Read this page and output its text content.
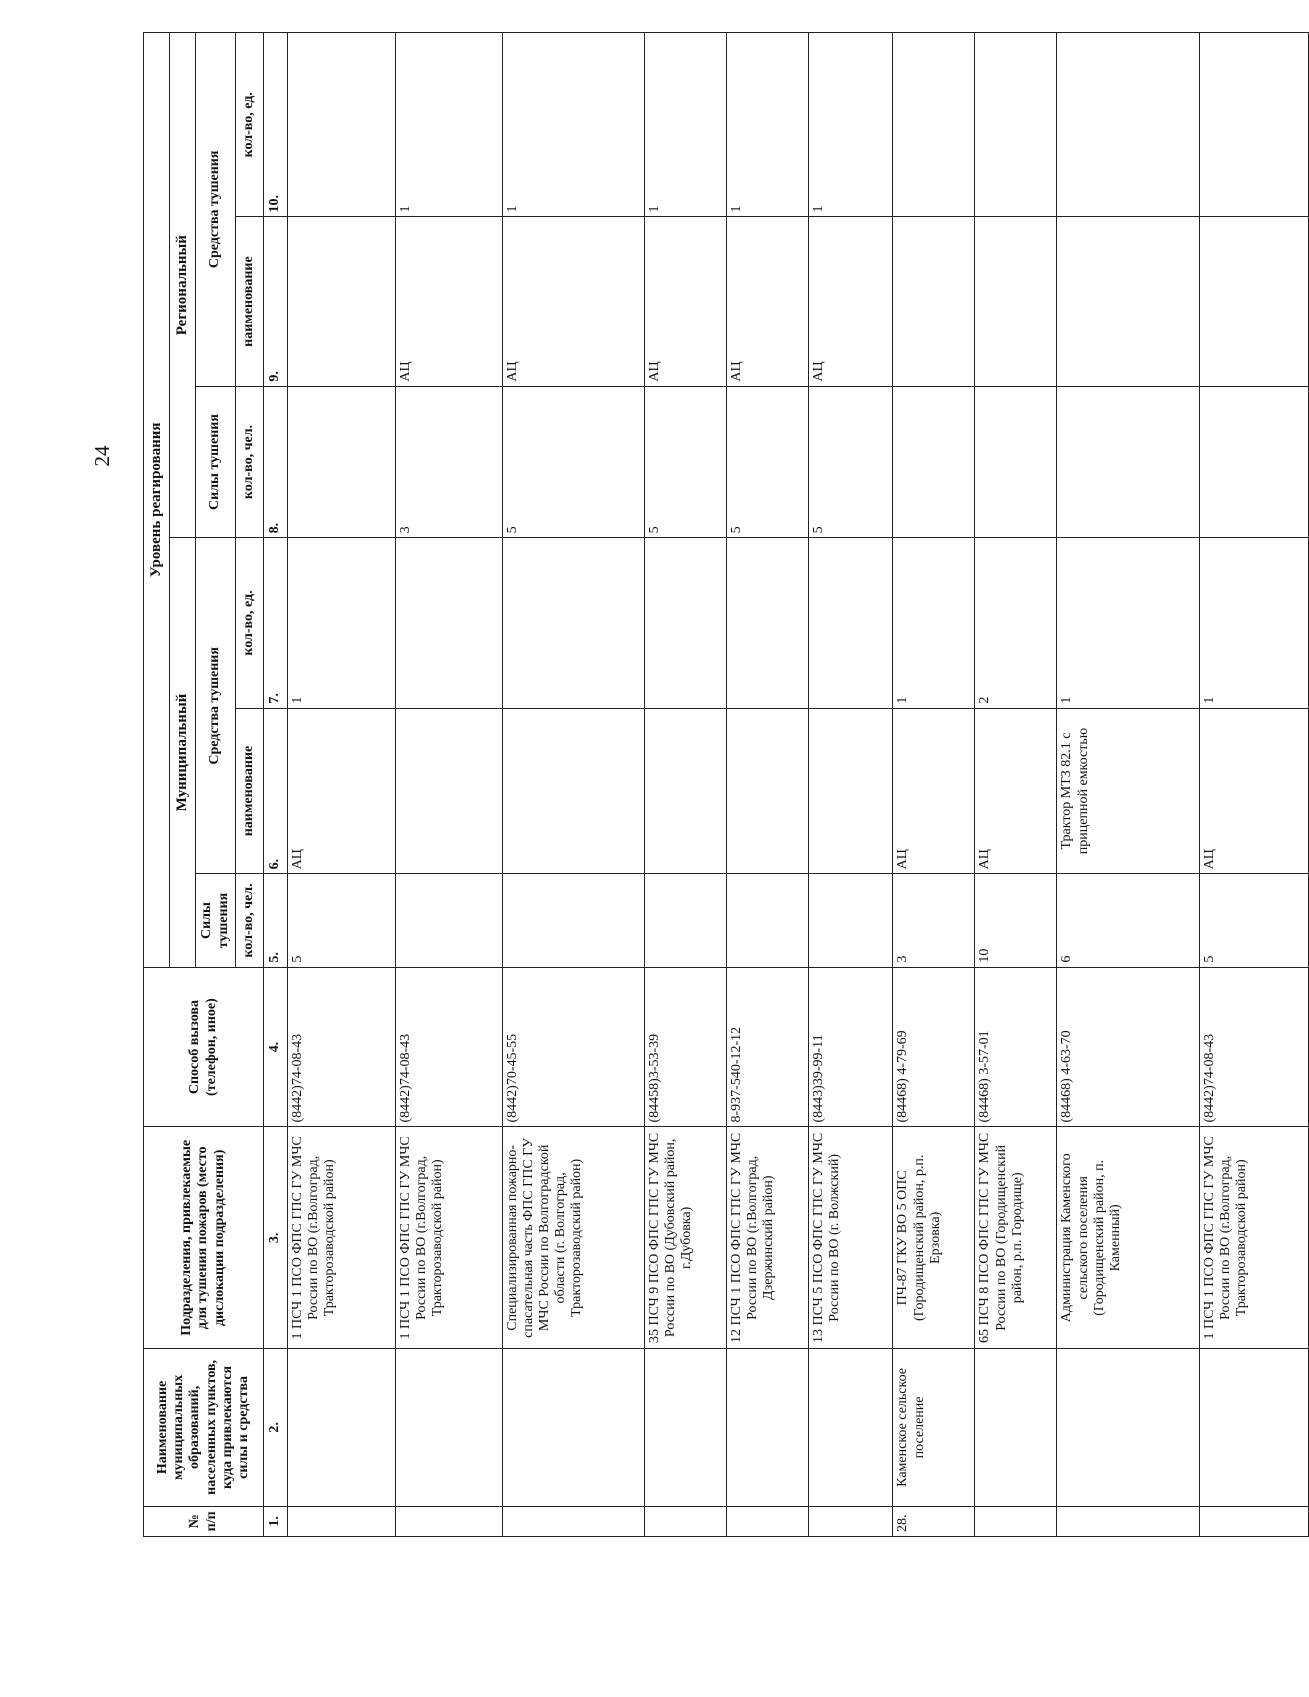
24
№ п/п	Наименование муниципальных образований, населенных пунктов, куда привлекаются силы и средства	Подразделения, привлекаемые для тушения пожаров (место дислокации подразделения)	Способ вызова (телефон, иное)	Уровень реагирования					
				Муниципальный			Региональный		
				Силы тушения	Средства тушения		Силы тушения	Средства тушения	
				кол-во, чел.	наименование	кол-во, ед.	кол-во, чел.	наименование	кол-во, ед.
1.	2.	3.	4.	5.	6.	7.	8.	9.	10.
		1 ПСЧ 1 ПСО ФПС ГПС ГУ МЧС России по ВО (г.Волгоград, Тракторозаводской район)	(8442)74-08-43	5	АЦ	1			
		1 ПСЧ 1 ПСО ФПС ГПС ГУ МЧС России по ВО (г.Волгоград, Тракторозаводской район)	(8442)74-08-43				3	АЦ	1
		Специализированная пожарно-спасательная часть ФПС ГПС ГУ МЧС России по Волгоградской области (г. Волгоград, Тракторозаводский район)	(8442)70-45-55				5	АЦ	1
		35 ПСЧ 9 ПСО ФПС ГПС ГУ МЧС России по ВО (Дубовский район, г.Дубовка)	(84458)3-53-39				5	АЦ	1
		12 ПСЧ 1 ПСО ФПС ГПС ГУ МЧС России по ВО (г.Волгоград, Дзержинский район)	8-937-540-12-12				5	АЦ	1
		13 ПСЧ 5 ПСО ФПС ГПС ГУ МЧС России по ВО (г. Волжский)	(8443)39-99-11				5	АЦ	1
28.	Каменское сельское поселение	ПЧ-87 ГКУ ВО 5 ОПС (Городищенский район, р.п. Ерзовка)	(84468) 4-79-69	3	АЦ	1			
		65 ПСЧ 8 ПСО ФПС ГПС ГУ МЧС России по ВО (Городищенский район, р.п. Городище)	(84468) 3-57-01	10	АЦ	2			
		Администрация Каменского сельского поселения (Городищенский район, п. Каменный)	(84468) 4-63-70	6	Трактор МТЗ 82.1 с прицепной емкостью	1			
		1 ПСЧ 1 ПСО ФПС ГПС ГУ МЧС России по ВО (г.Волгоград, Тракторозаводской район)	(8442)74-08-43	5	АЦ	1			
